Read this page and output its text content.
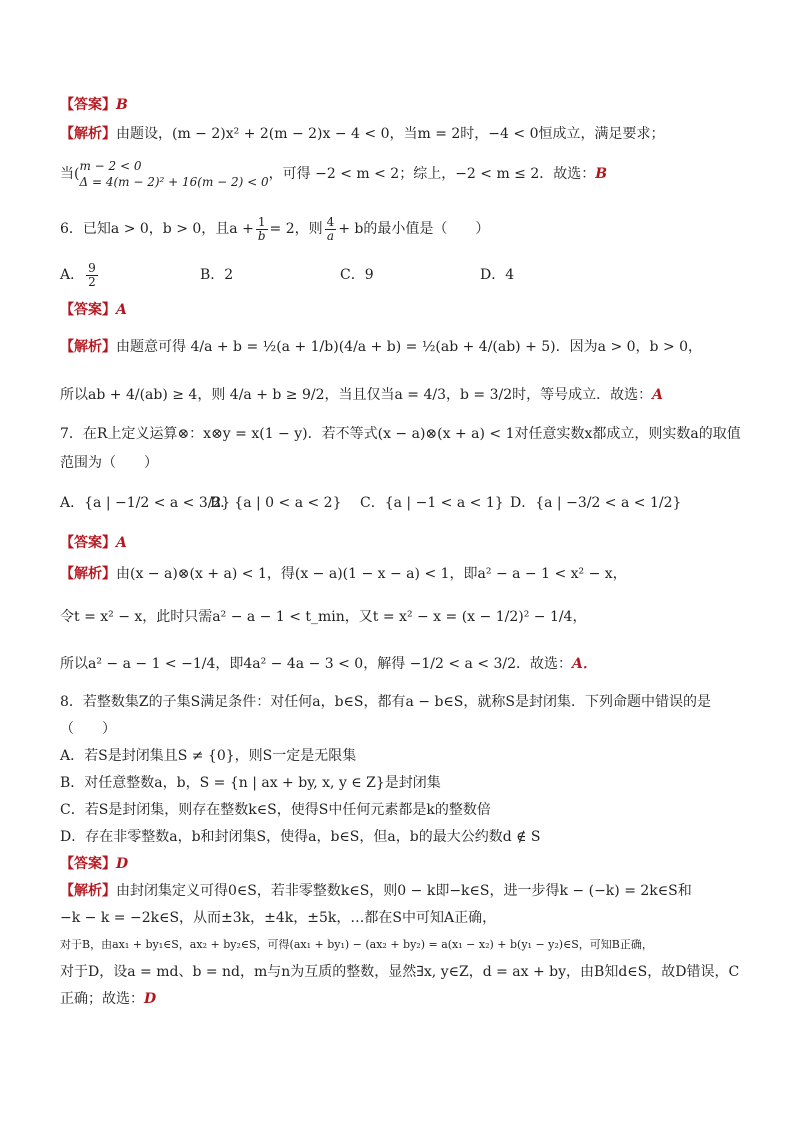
【答案】B
【解析】由题设，(m − 2)x² + 2(m − 2)x − 4 < 0，当m = 2时，−4 < 0恒成立，满足要求；
当( m − 2 < 0
Δ = 4(m − 2)² + 16(m − 2) < 0 ，可得 −2 < m < 2；综上，−2 < m ≤ 2．故选：B
6．已知a > 0，b > 0，且$a + \frac{1}{b} = 2$，则 $\frac{4}{a} + b$的最小值是（　　）
A． $\frac{9}{2}$	B．2	C．9	D．4
【答案】A
【解析】由题意可得 4/a + b = ½(a + 1/b)(4/a + b) = ½(ab + 4/(ab) + 5)．因为a > 0，b > 0，
所以ab + 4/(ab) ≥ 4，则 4/a + b ≥ 9/2，当且仅当a = 4/3，b = 3/2时，等号成立．故选：A
7．在R上定义运算⊗：x⊗y = x(1 − y)．若不等式(x − a)⊗(x + a) < 1对任意实数x都成立，则实数a的取值
范围为（　　）
A．{a | −1/2 < a < 3/2}B．{a | 0 < a < 2} C．{a | −1 < a < 1} D．{a | −3/2 < a < 1/2}
【答案】A
【解析】由(x − a)⊗(x + a) < 1，得(x − a)(1 − x − a) < 1，即a² − a − 1 < x² − x，
令t = x² − x，此时只需a² − a − 1 < t_min，又t = x² − x = (x − 1/2)² − 1/4，
所以a² − a − 1 < −1/4，即4a² − 4a − 3 < 0，解得 −1/2 < a < 3/2．故选：A．
8．若整数集Z的子集S满足条件：对任何a，b∈S，都有a − b∈S，就称S是封闭集．下列命题中错误的是
（　　）
A．若S是封闭集且S ≠ {0}，则S一定是无限集
B．对任意整数a，b，S = {n | ax + by, x, y ∈ Z}是封闭集
C．若S是封闭集，则存在整数k∈S，使得S中任何元素都是k的整数倍
D．存在非零整数a，b和封闭集S，使得a，b∈S，但a，b的最大公约数d ∉ S
【答案】D
【解析】由封闭集定义可得0∈S，若非零整数k∈S，则0 − k即−k∈S，进一步得k − (−k) = 2k∈S和
−k − k = −2k∈S，从而±3k，±4k，±5k，…都在S中可知A正确，
对于B，由ax₁ + by₁∈S，ax₂ + by₂∈S，可得(ax₁ + by₁) − (ax₂ + by₂) = a(x₁ − x₂) + b(y₁ − y₂)∈S，可知B正确，
对于D，设a = md、b = nd，m与n为互质的整数，显然∃x, y∈Z，d = ax + by，由B知d∈S，故D错误，C
正确；故选：D
